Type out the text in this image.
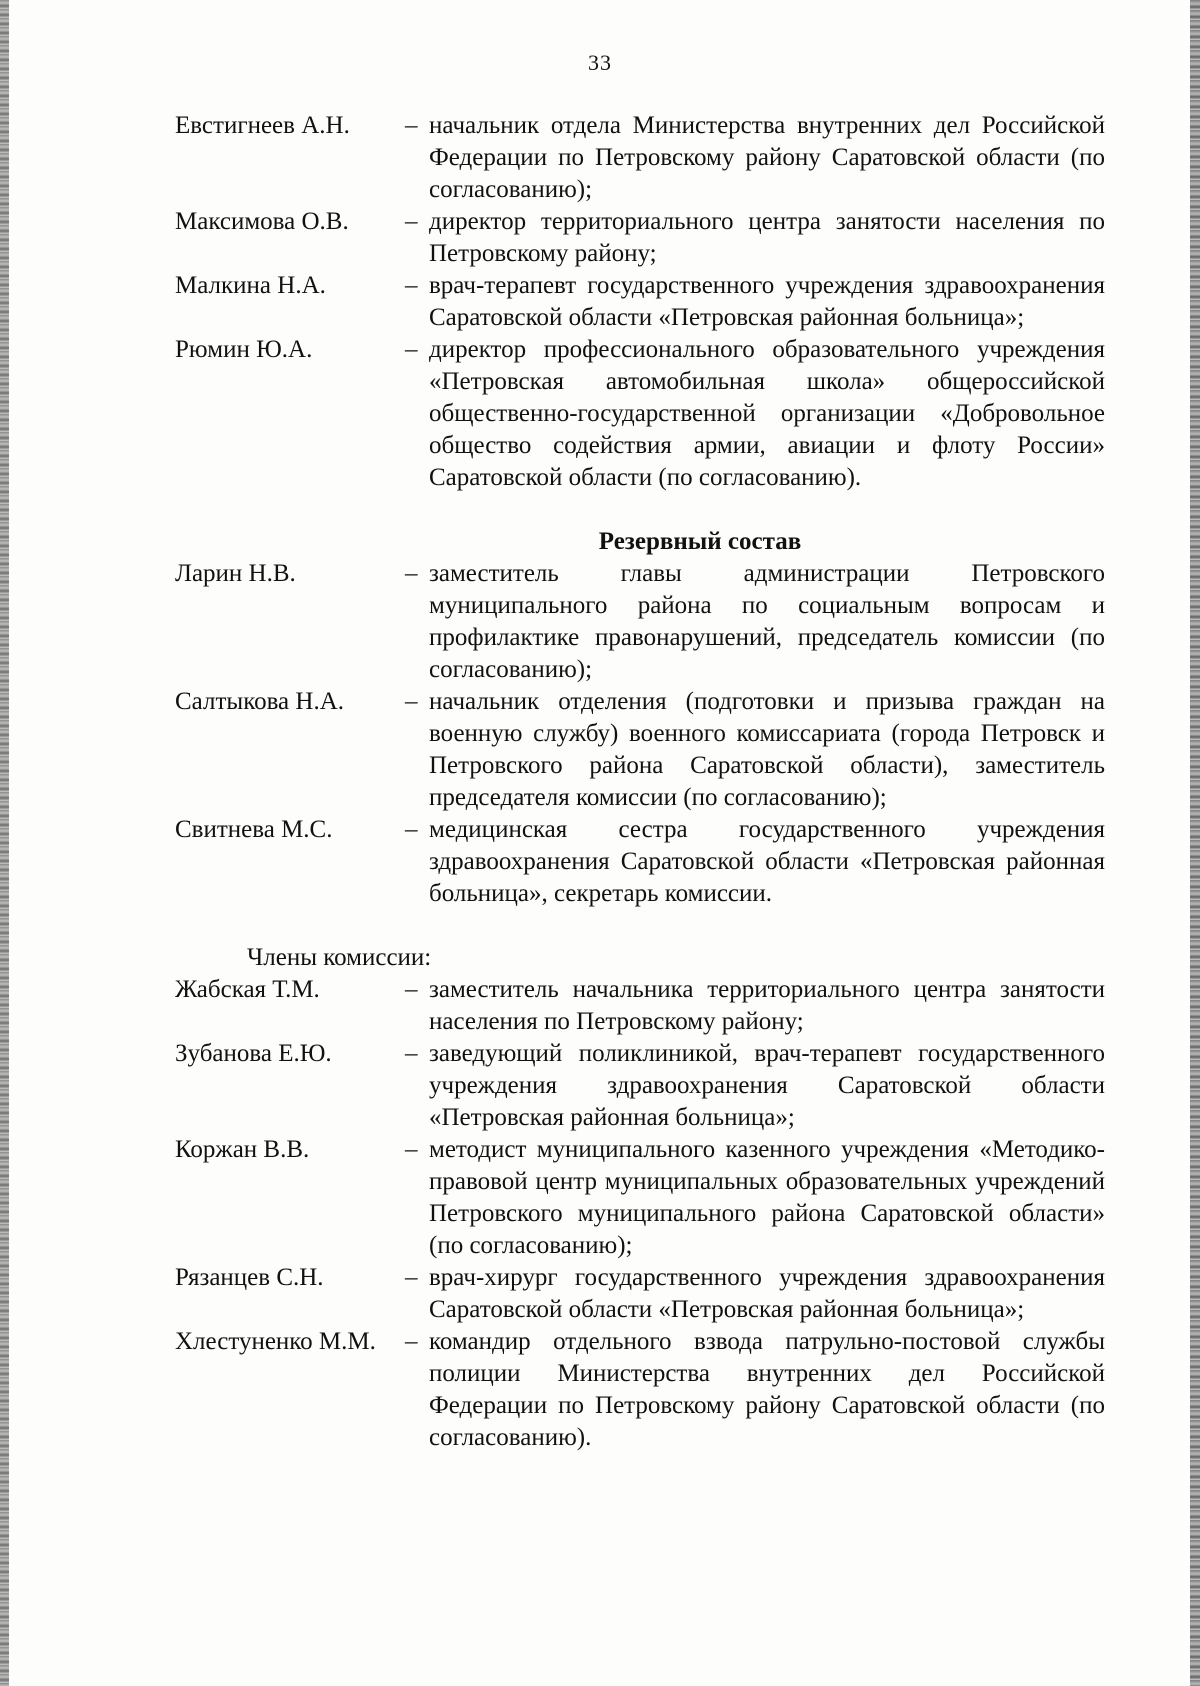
33
Евстигнеев А.Н.	– начальник отдела Министерства внутренних дел Российской Федерации по Петровскому району Саратовской области (по согласованию);
Максимова О.В.	– директор территориального центра занятости населения по Петровскому району;
Малкина Н.А.	– врач-терапевт государственного учреждения здравоохранения Саратовской области «Петровская районная больница»;
Рюмин Ю.А.	– директор профессионального образовательного учреждения «Петровская автомобильная школа» общероссийской общественно-государственной организации «Добровольное общество содействия армии, авиации и флоту России» Саратовской области (по согласованию).
Резервный состав
Ларин Н.В.	– заместитель главы администрации Петровского муниципального района по социальным вопросам и профилактике правонарушений, председатель комиссии (по согласованию);
Салтыкова Н.А.	– начальник отделения (подготовки и призыва граждан на военную службу) военного комиссариата (города Петровск и Петровского района Саратовской области), заместитель председателя комиссии (по согласованию);
Свитнева М.С.	– медицинская сестра государственного учреждения здравоохранения Саратовской области «Петровская районная больница», секретарь комиссии.
Члены комиссии:
Жабская Т.М.	– заместитель начальника территориального центра занятости населения по Петровскому району;
Зубанова Е.Ю.	– заведующий поликлиникой, врач-терапевт государственного учреждения здравоохранения Саратовской области «Петровская районная больница»;
Коржан В.В.	– методист муниципального казенного учреждения «Методико-правовой центр муниципальных образовательных учреждений Петровского муниципального района Саратовской области» (по согласованию);
Рязанцев С.Н.	– врач-хирург государственного учреждения здравоохранения Саратовской области «Петровская районная больница»;
Хлестуненко М.М.	– командир отдельного взвода патрульно-постовой службы полиции Министерства внутренних дел Российской Федерации по Петровскому району Саратовской области (по согласованию).
